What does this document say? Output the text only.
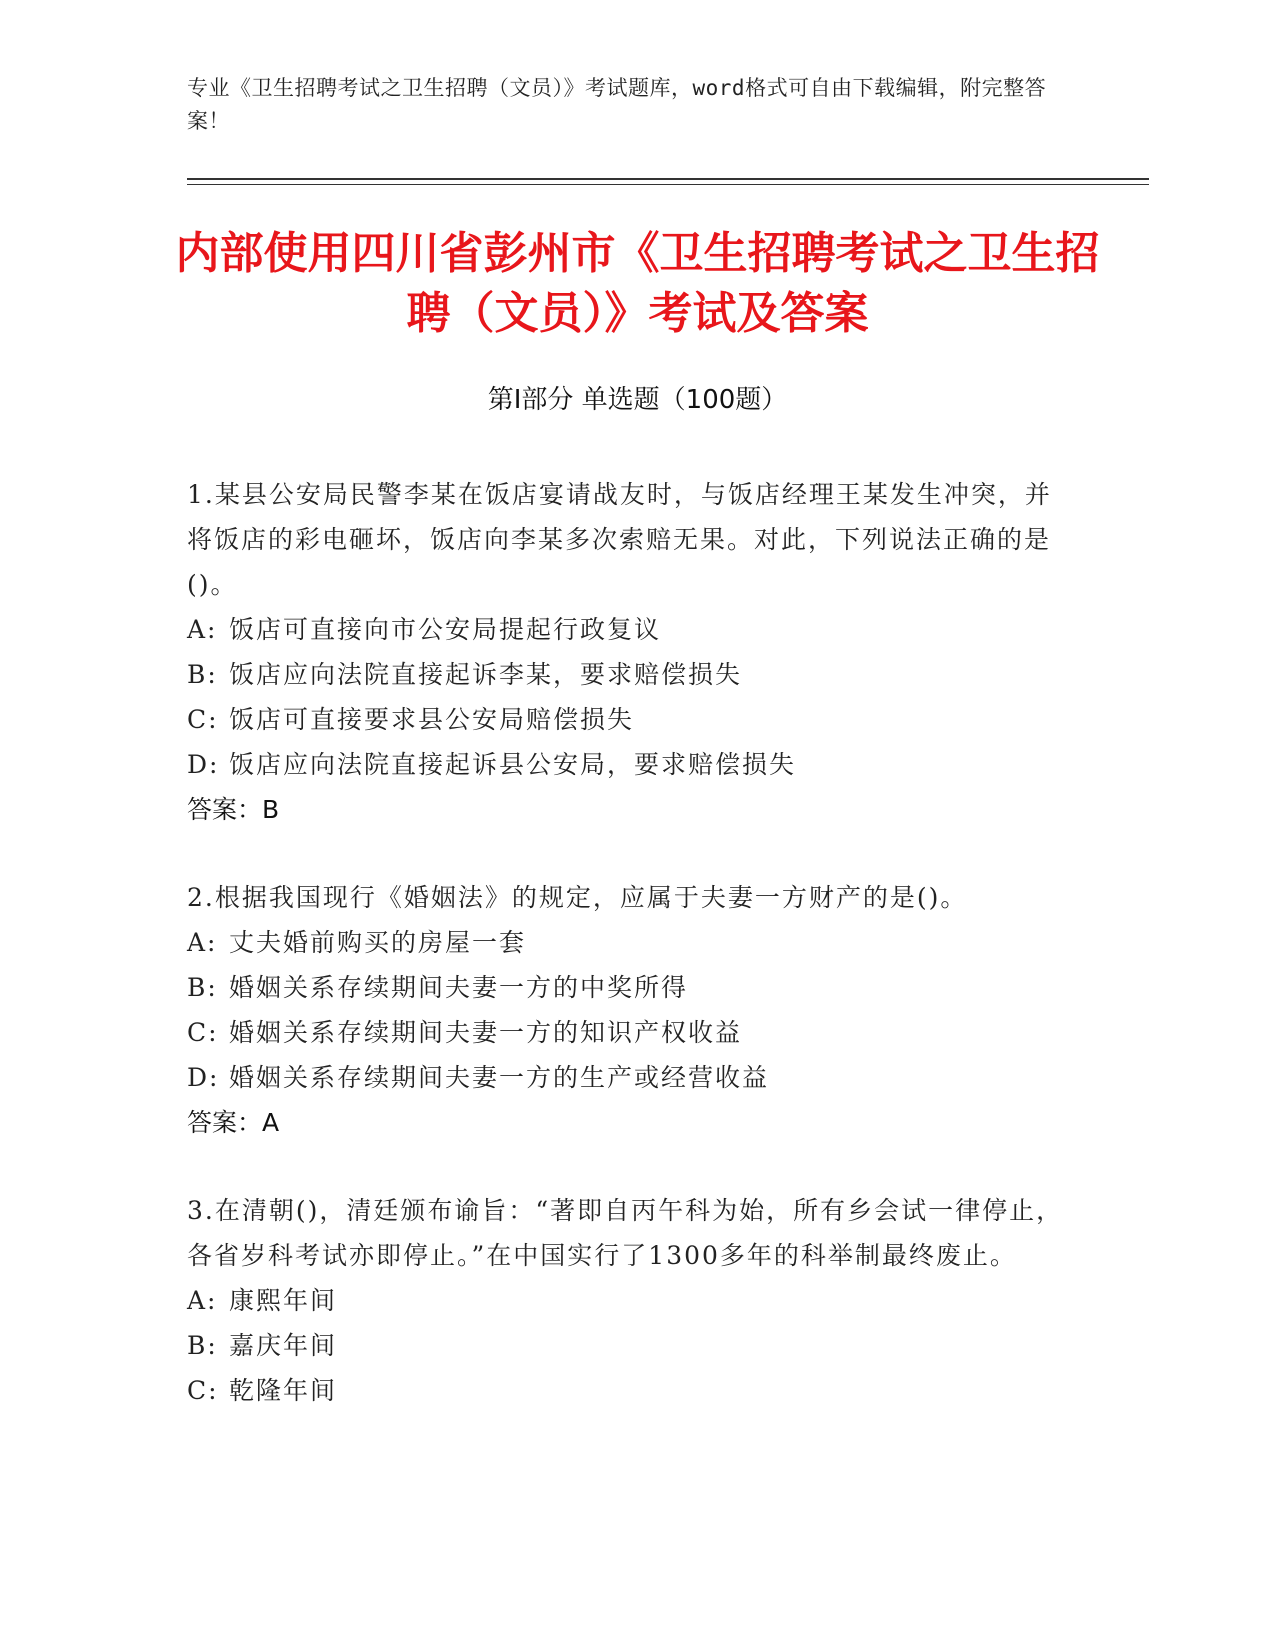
专业《卫生招聘考试之卫生招聘（文员）》考试题库，word格式可自由下载编辑，附完整答案！
内部使用四川省彭州市《卫生招聘考试之卫生招聘（文员）》考试及答案
第Ⅰ部分 单选题（100题）
1.某县公安局民警李某在饭店宴请战友时，与饭店经理王某发生冲突，并将饭店的彩电砸坏，饭店向李某多次索赔无果。对此，下列说法正确的是()。
A: 饭店可直接向市公安局提起行政复议
B: 饭店应向法院直接起诉李某，要求赔偿损失
C: 饭店可直接要求县公安局赔偿损失
D: 饭店应向法院直接起诉县公安局，要求赔偿损失
答案：B
2.根据我国现行《婚姻法》的规定，应属于夫妻一方财产的是()。
A: 丈夫婚前购买的房屋一套
B: 婚姻关系存续期间夫妻一方的中奖所得
C: 婚姻关系存续期间夫妻一方的知识产权收益
D: 婚姻关系存续期间夫妻一方的生产或经营收益
答案：A
3.在清朝()，清廷颁布谕旨：“著即自丙午科为始，所有乡会试一律停止，各省岁科考试亦即停止。”在中国实行了1300多年的科举制最终废止。
A: 康熙年间
B: 嘉庆年间
C: 乾隆年间
